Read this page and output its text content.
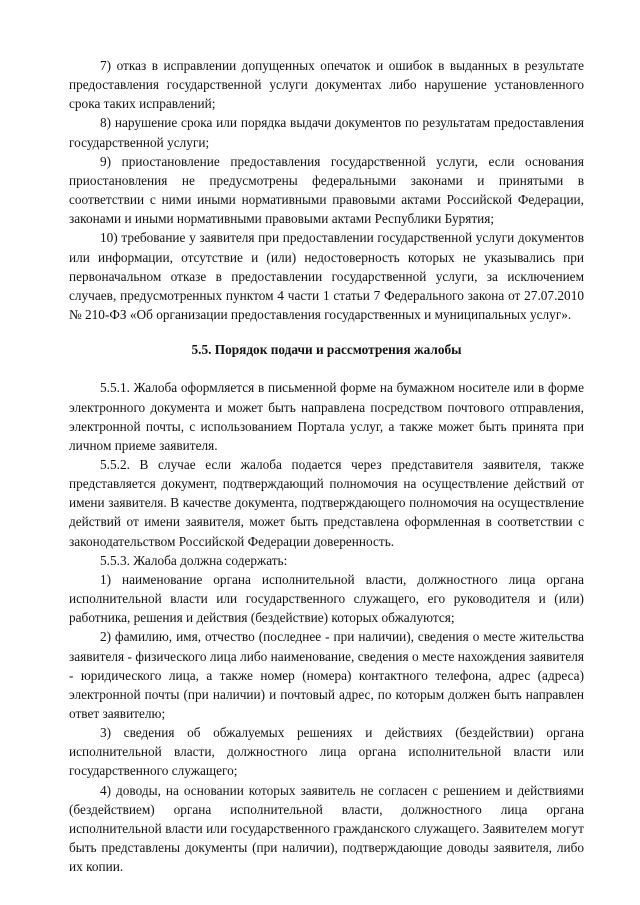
7) отказ в исправлении допущенных опечаток и ошибок в выданных в результате предоставления государственной услуги документах либо нарушение установленного срока таких исправлений;

8) нарушение срока или порядка выдачи документов по результатам предоставления государственной услуги;

9) приостановление предоставления государственной услуги, если основания приостановления не предусмотрены федеральными законами и принятыми в соответствии с ними иными нормативными правовыми актами Российской Федерации, законами и иными нормативными правовыми актами Республики Бурятия;

10) требование у заявителя при предоставлении государственной услуги документов или информации, отсутствие и (или) недостоверность которых не указывались при первоначальном отказе в предоставлении государственной услуги, за исключением случаев, предусмотренных пунктом 4 части 1 статьи 7 Федерального закона от 27.07.2010 № 210-ФЗ «Об организации предоставления государственных и муниципальных услуг».

5.5. Порядок подачи и рассмотрения жалобы

5.5.1. Жалоба оформляется в письменной форме на бумажном носителе или в форме электронного документа и может быть направлена посредством почтового отправления, электронной почты, с использованием Портала услуг, а также может быть принята при личном приеме заявителя.

5.5.2. В случае если жалоба подается через представителя заявителя, также представляется документ, подтверждающий полномочия на осуществление действий от имени заявителя. В качестве документа, подтверждающего полномочия на осуществление действий от имени заявителя, может быть представлена оформленная в соответствии с законодательством Российской Федерации доверенность.

5.5.3. Жалоба должна содержать:

1) наименование органа исполнительной власти, должностного лица органа исполнительной власти или государственного служащего, его руководителя и (или) работника, решения и действия (бездействие) которых обжалуются;

2) фамилию, имя, отчество (последнее - при наличии), сведения о месте жительства заявителя - физического лица либо наименование, сведения о месте нахождения заявителя - юридического лица, а также номер (номера) контактного телефона, адрес (адреса) электронной почты (при наличии) и почтовый адрес, по которым должен быть направлен ответ заявителю;

3) сведения об обжалуемых решениях и действиях (бездействии) органа исполнительной власти, должностного лица органа исполнительной власти или государственного служащего;

4) доводы, на основании которых заявитель не согласен с решением и действиями (бездействием) органа исполнительной власти, должностного лица органа исполнительной власти или государственного гражданского служащего. Заявителем могут быть представлены документы (при наличии), подтверждающие доводы заявителя, либо их копии.
